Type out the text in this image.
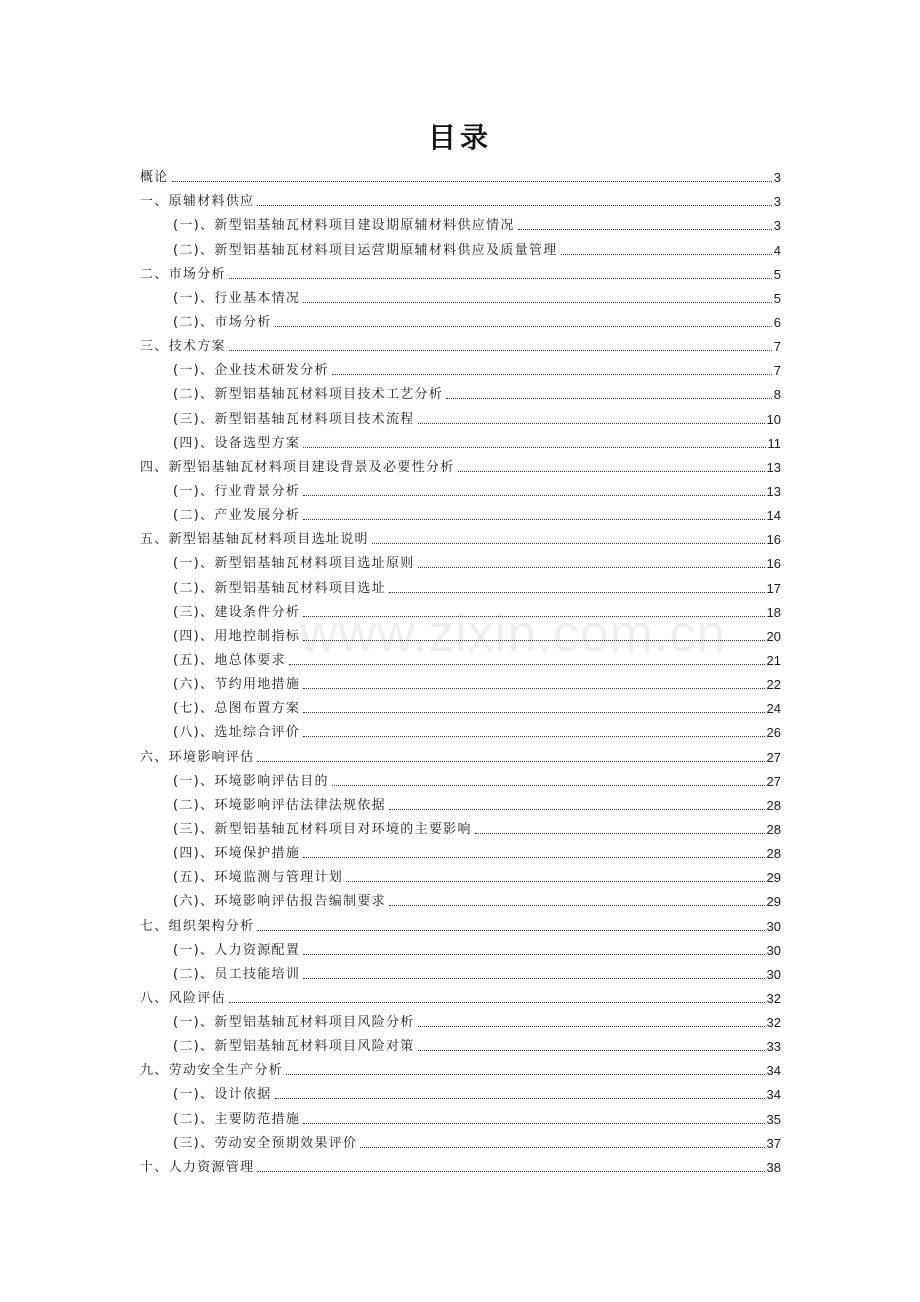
www.zixin.com.cn
目录
概论	3
一、原辅材料供应	3
(一)、新型铝基轴瓦材料项目建设期原辅材料供应情况	3
(二)、新型铝基轴瓦材料项目运营期原辅材料供应及质量管理	4
二、市场分析	5
(一)、行业基本情况	5
(二)、市场分析	6
三、技术方案	7
(一)、企业技术研发分析	7
(二)、新型铝基轴瓦材料项目技术工艺分析	8
(三)、新型铝基轴瓦材料项目技术流程	10
(四)、设备选型方案	11
四、新型铝基轴瓦材料项目建设背景及必要性分析	13
(一)、行业背景分析	13
(二)、产业发展分析	14
五、新型铝基轴瓦材料项目选址说明	16
(一)、新型铝基轴瓦材料项目选址原则	16
(二)、新型铝基轴瓦材料项目选址	17
(三)、建设条件分析	18
(四)、用地控制指标	20
(五)、地总体要求	21
(六)、节约用地措施	22
(七)、总图布置方案	24
(八)、选址综合评价	26
六、环境影响评估	27
(一)、环境影响评估目的	27
(二)、环境影响评估法律法规依据	28
(三)、新型铝基轴瓦材料项目对环境的主要影响	28
(四)、环境保护措施	28
(五)、环境监测与管理计划	29
(六)、环境影响评估报告编制要求	29
七、组织架构分析	30
(一)、人力资源配置	30
(二)、员工技能培训	30
八、风险评估	32
(一)、新型铝基轴瓦材料项目风险分析	32
(二)、新型铝基轴瓦材料项目风险对策	33
九、劳动安全生产分析	34
(一)、设计依据	34
(二)、主要防范措施	35
(三)、劳动安全预期效果评价	37
十、人力资源管理	38
